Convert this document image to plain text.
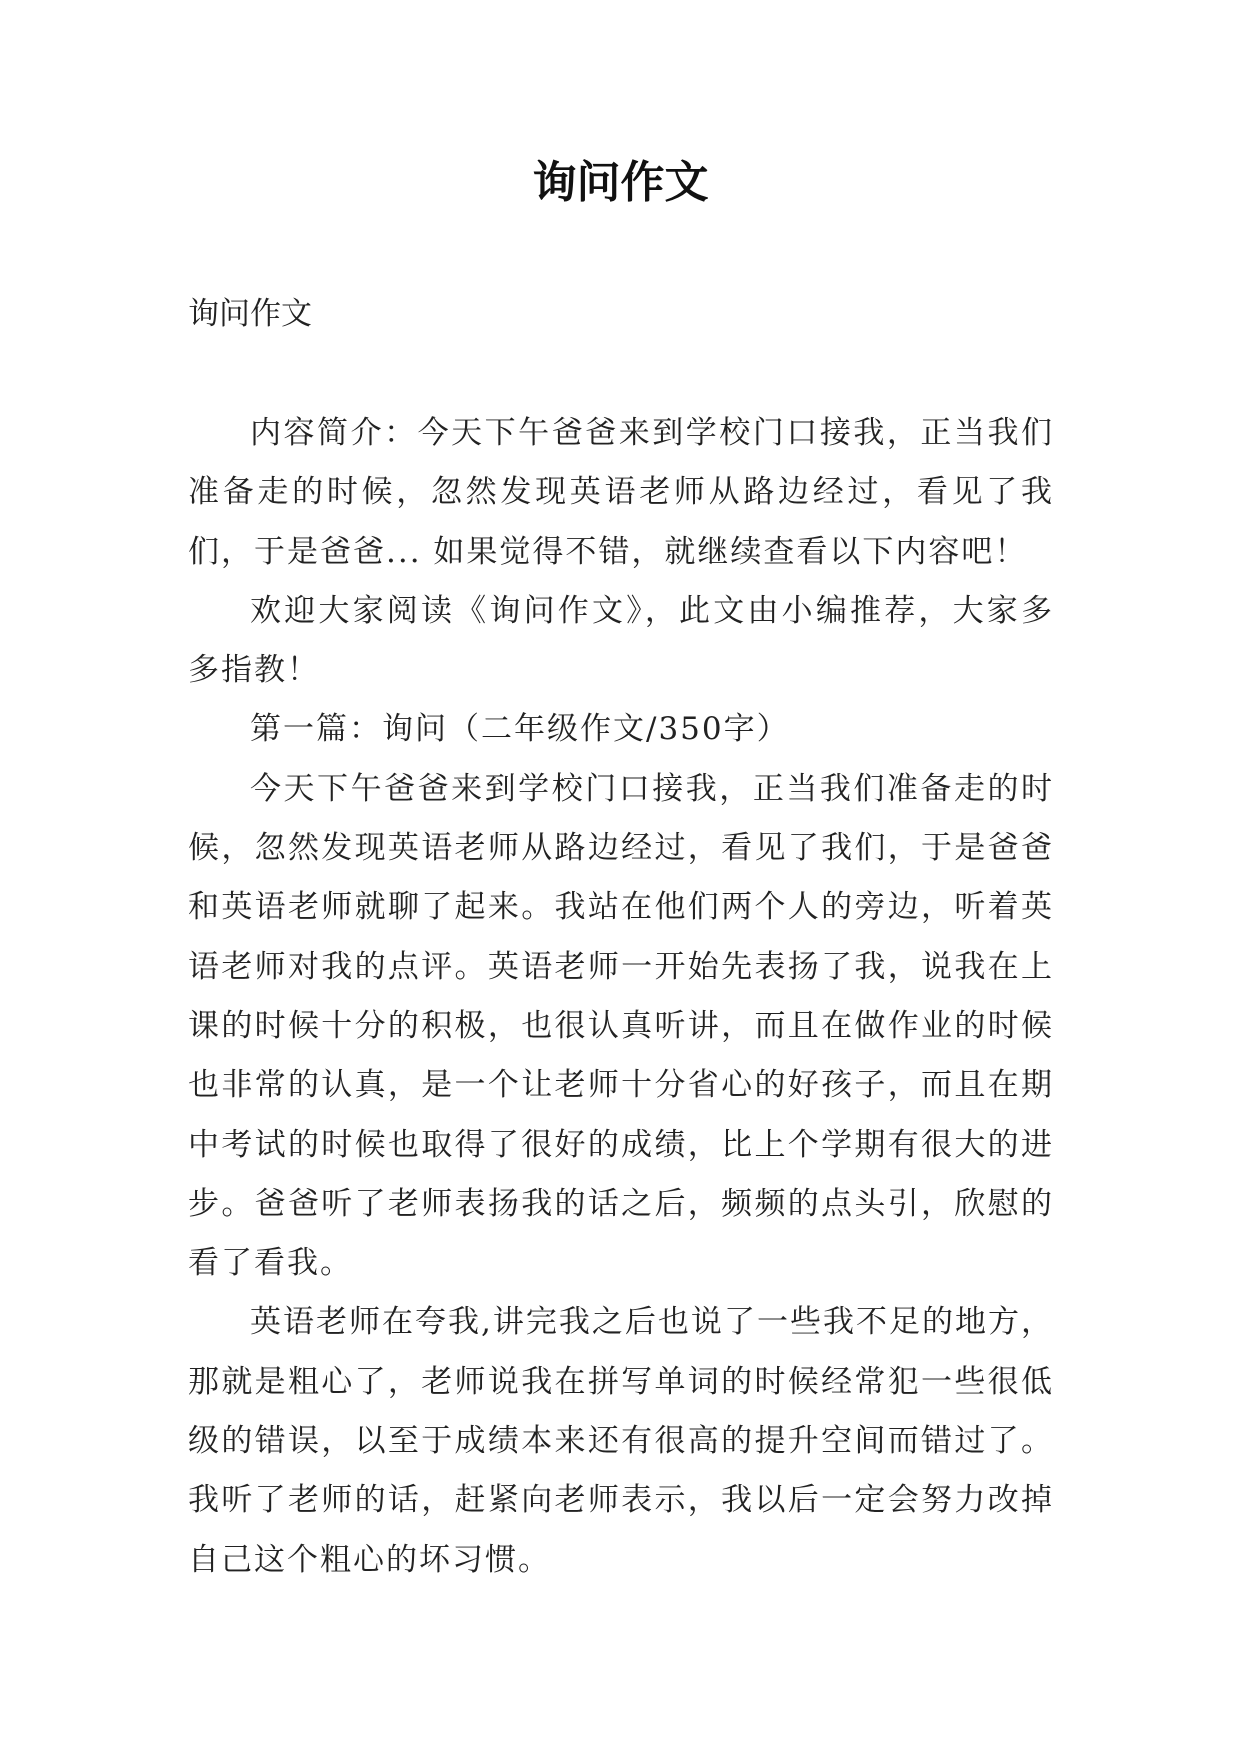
询问作文
询问作文

内容简介：今天下午爸爸来到学校门口接我，正当我们准备走的时候，忽然发现英语老师从路边经过，看见了我们，于是爸爸... 如果觉得不错，就继续查看以下内容吧！

欢迎大家阅读《询问作文》，此文由小编推荐，大家多多指教！

第一篇：询问（二年级作文/350字）

今天下午爸爸来到学校门口接我，正当我们准备走的时候，忽然发现英语老师从路边经过，看见了我们，于是爸爸和英语老师就聊了起来。我站在他们两个人的旁边，听着英语老师对我的点评。英语老师一开始先表扬了我，说我在上课的时候十分的积极，也很认真听讲，而且在做作业的时候也非常的认真，是一个让老师十分省心的好孩子，而且在期中考试的时候也取得了很好的成绩，比上个学期有很大的进步。爸爸听了老师表扬我的话之后，频频的点头引，欣慰的看了看我。

英语老师在夸我,讲完我之后也说了一些我不足的地方，那就是粗心了，老师说我在拼写单词的时候经常犯一些很低级的错误，以至于成绩本来还有很高的提升空间而错过了。我听了老师的话，赶紧向老师表示，我以后一定会努力改掉自己这个粗心的坏习惯。
